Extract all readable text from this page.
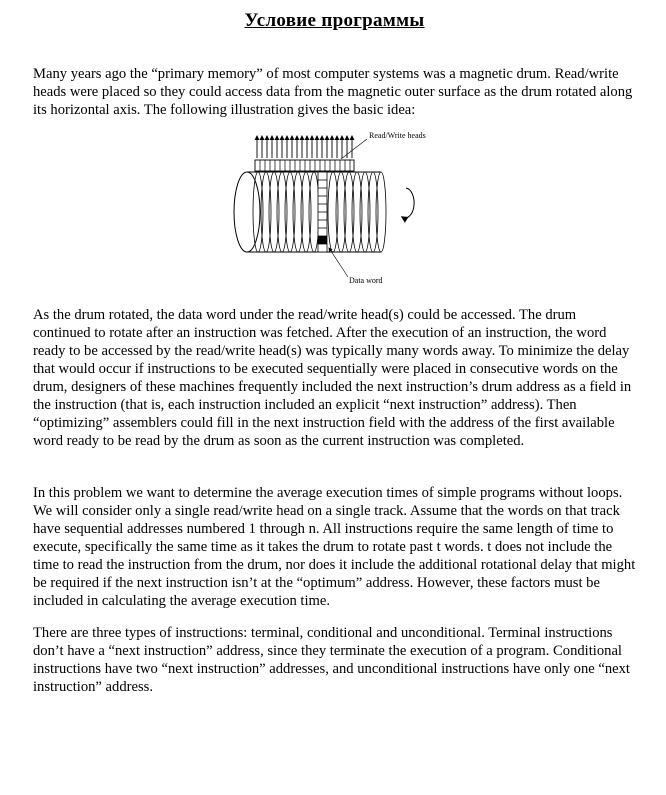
Условие программы

Many years ago the “primary memory” of most computer systems was a magnetic drum. Read/write heads were placed so they could access data from the magnetic outer surface as the drum rotated along its horizontal axis. The following illustration gives the basic idea:

Read/Write heads
Data word

As the drum rotated, the data word under the read/write head(s) could be accessed. The drum continued to rotate after an instruction was fetched. After the execution of an instruction, the word ready to be accessed by the read/write head(s) was typically many words away. To minimize the delay that would occur if instructions to be executed sequentially were placed in consecutive words on the drum, designers of these machines frequently included the next instruction’s drum address as a field in the instruction (that is, each instruction included an explicit “next instruction” address). Then “optimizing” assemblers could fill in the next instruction field with the address of the first available word ready to be read by the drum as soon as the current instruction was completed.

In this problem we want to determine the average execution times of simple programs without loops. We will consider only a single read/write head on a single track. Assume that the words on that track have sequential addresses numbered 1 through n. All instructions require the same length of time to execute, specifically the same time as it takes the drum to rotate past t words. t does not include the time to read the instruction from the drum, nor does it include the additional rotational delay that might be required if the next instruction isn’t at the “optimum” address. However, these factors must be included in calculating the average execution time.

There are three types of instructions: terminal, conditional and unconditional. Terminal instructions don’t have a “next instruction” address, since they terminate the execution of a program. Conditional instructions have two “next instruction” addresses, and unconditional instructions have only one “next instruction” address.
